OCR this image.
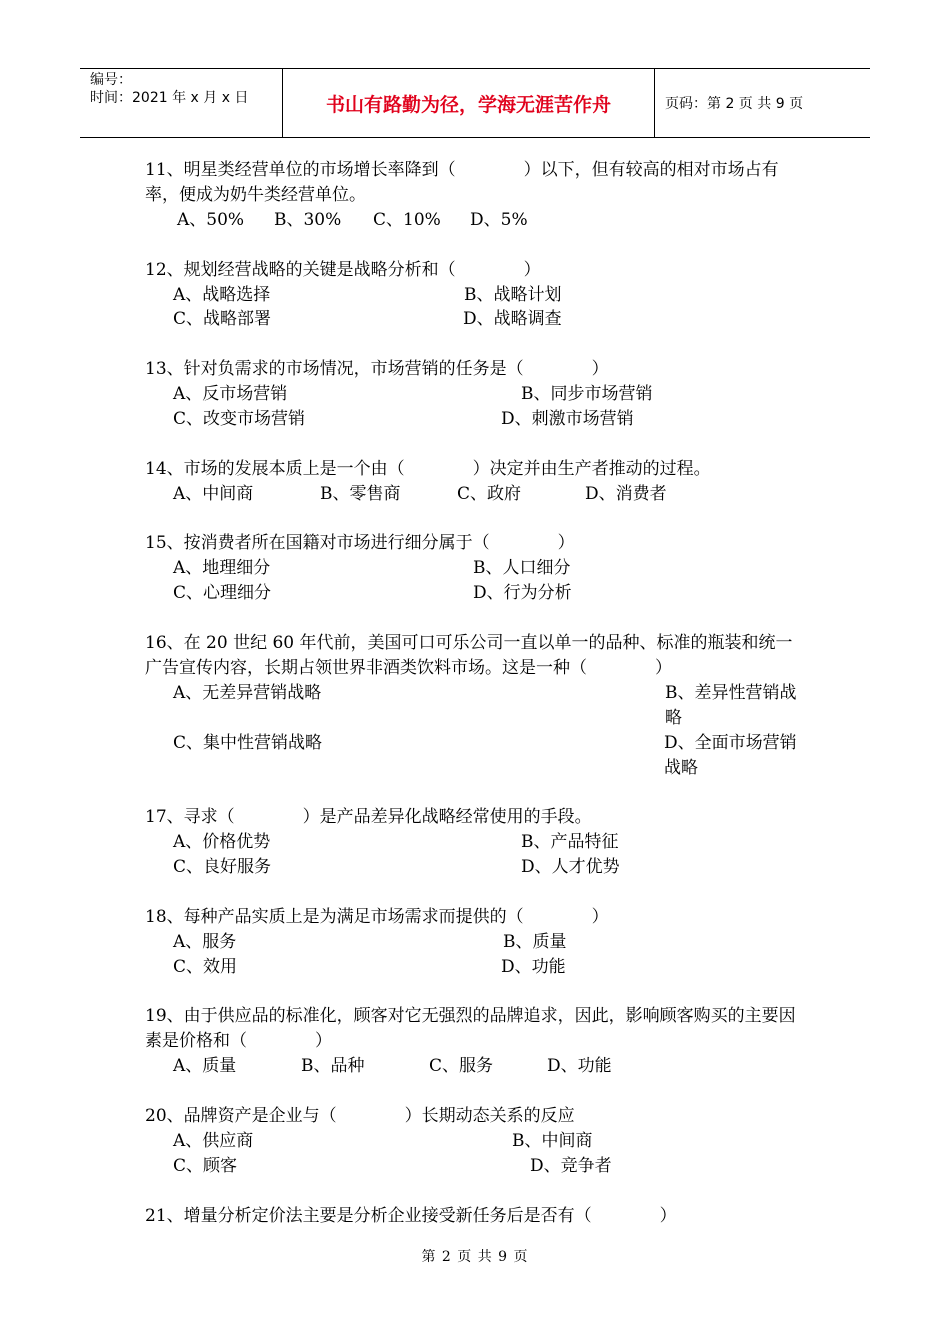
编号：
时间：2021 年 x 月 x 日	书山有路勤为径，学海无涯苦作舟	页码：第 2 页 共 9 页
11、明星类经营单位的市场增长率降到（　　　　）以下，但有较高的相对市场占有率，便成为奶牛类经营单位。
A、50%	B、30%	C、10%	D、5%
12、规划经营战略的关键是战略分析和（　　　　）
A、战略选择	B、战略计划
C、战略部署	D、战略调查
13、针对负需求的市场情况，市场营销的任务是（　　　　）
A、反市场营销	B、同步市场营销
C、改变市场营销	D、刺激市场营销
14、市场的发展本质上是一个由（　　　　）决定并由生产者推动的过程。
A、中间商	B、零售商	C、政府	D、消费者
15、按消费者所在国籍对市场进行细分属于（　　　　）
A、地理细分	B、人口细分
C、心理细分	D、行为分析
16、在 20 世纪 60 年代前，美国可口可乐公司一直以单一的品种、标准的瓶装和统一广告宣传内容，长期占领世界非酒类饮料市场。这是一种（　　　　）
A、无差异营销战略	B、差异性营销战略
C、集中性营销战略	D、全面市场营销战略
17、寻求（　　　　）是产品差异化战略经常使用的手段。
A、价格优势	B、产品特征
C、良好服务	D、人才优势
18、每种产品实质上是为满足市场需求而提供的（　　　　）
A、服务	B、质量
C、效用	D、功能
19、由于供应品的标准化，顾客对它无强烈的品牌追求，因此，影响顾客购买的主要因素是价格和（　　　　）
A、质量	B、品种	C、服务	D、功能
20、品牌资产是企业与（　　　　）长期动态关系的反应
A、供应商	B、中间商
C、顾客	D、竞争者
21、增量分析定价法主要是分析企业接受新任务后是否有（　　　　）
第 2 页 共 9 页
